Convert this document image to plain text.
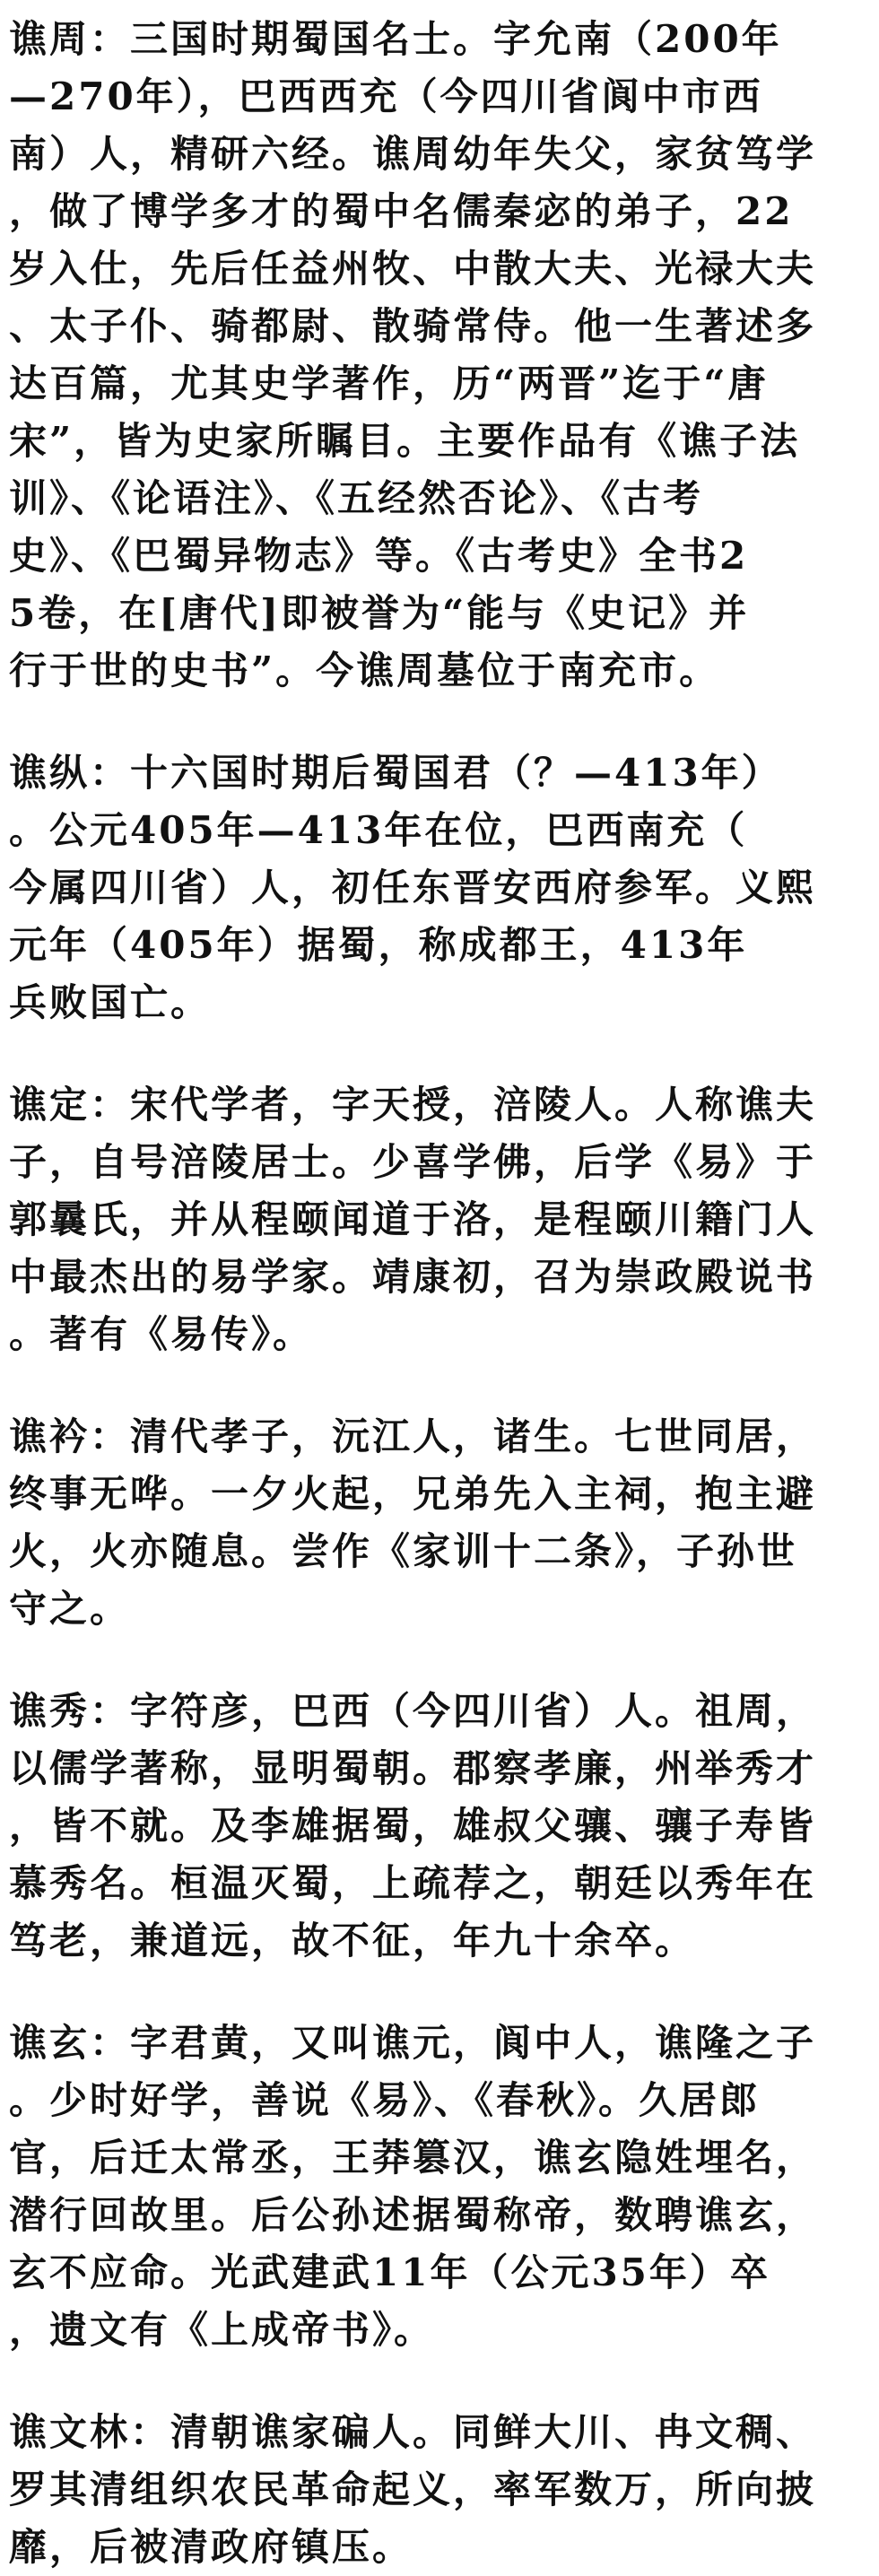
谯周：三国时期蜀国名士。字允南（200年
—270年），巴西西充（今四川省阆中市西
南）人，精研六经。谯周幼年失父，家贫笃学
，做了博学多才的蜀中名儒秦宓的弟子，22
岁入仕，先后任益州牧、中散大夫、光禄大夫
、太子仆、骑都尉、散骑常侍。他一生著述多
达百篇，尤其史学著作，历“两晋”迄于“唐
宋”，皆为史家所瞩目。主要作品有《谯子法
训》、《论语注》、《五经然否论》、《古考
史》、《巴蜀异物志》等。《古考史》全书2
5卷，在[唐代]即被誉为“能与《史记》并
行于世的史书”。今谯周墓位于南充市。
谯纵：十六国时期后蜀国君（？—413年）
。公元405年—413年在位，巴西南充（
今属四川省）人，初任东晋安西府参军。义熙
元年（405年）据蜀，称成都王，413年
兵败国亡。
谯定：宋代学者，字天授，涪陵人。人称谯夫
子，自号涪陵居士。少喜学佛，后学《易》于
郭曩氏，并从程颐闻道于洛，是程颐川籍门人
中最杰出的易学家。靖康初，召为崇政殿说书
。著有《易传》。
谯衿：清代孝子，沅江人，诸生。七世同居，
终事无哗。一夕火起，兄弟先入主祠，抱主避
火，火亦随息。尝作《家训十二条》，子孙世
守之。
谯秀：字符彦，巴西（今四川省）人。祖周，
以儒学著称，显明蜀朝。郡察孝廉，州举秀才
，皆不就。及李雄据蜀，雄叔父骧、骧子寿皆
慕秀名。桓温灭蜀，上疏荐之，朝廷以秀年在
笃老，兼道远，故不征，年九十余卒。
谯玄：字君黄，又叫谯元，阆中人，谯隆之子
。少时好学，善说《易》、《春秋》。久居郎
官，后迁太常丞，王莽篡汉，谯玄隐姓埋名，
潜行回故里。后公孙述据蜀称帝，数聘谯玄，
玄不应命。光武建武11年（公元35年）卒
，遗文有《上成帝书》。
谯文林：清朝谯家碥人。同鲜大川、冉文稠、
罗其清组织农民革命起义，率军数万，所向披
靡，后被清政府镇压。
